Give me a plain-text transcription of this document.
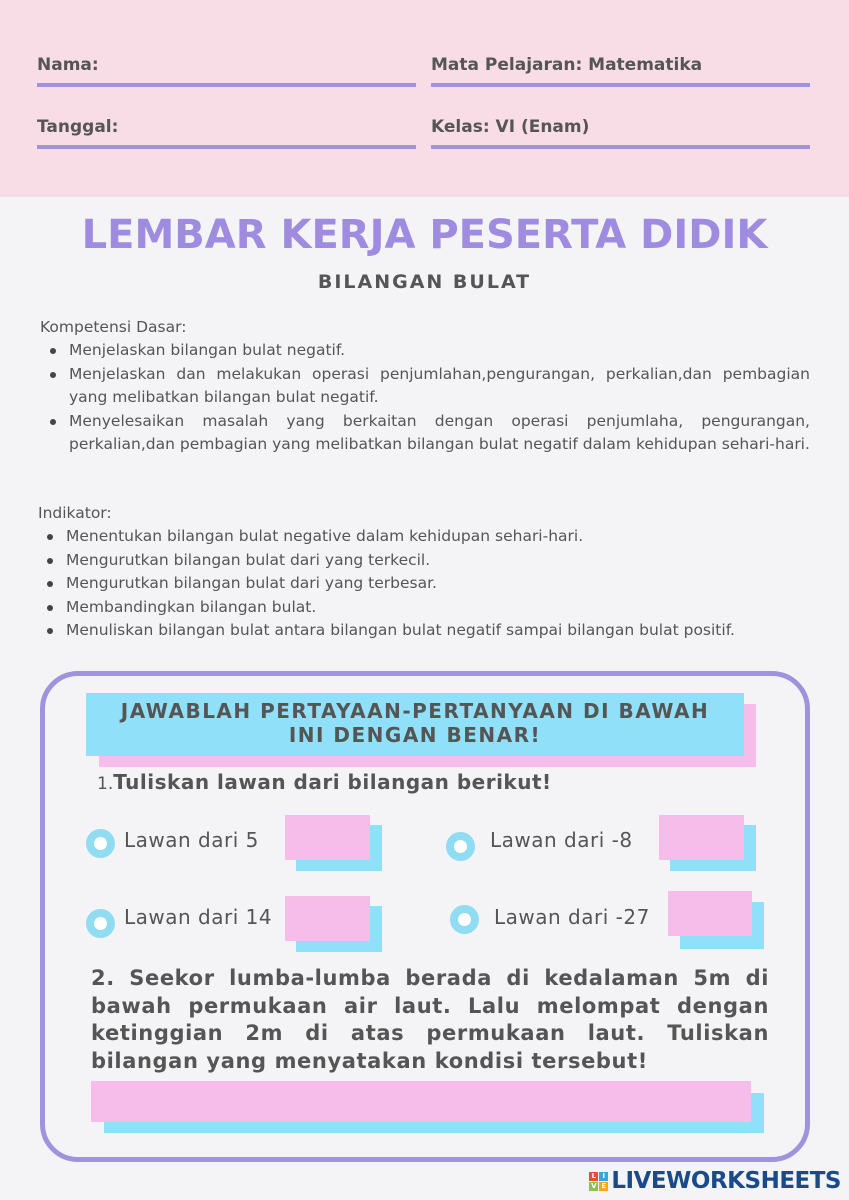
Nama:	Mata Pelajaran: Matematika
Tanggal:	Kelas: VI (Enam)
LEMBAR KERJA PESERTA DIDIK
BILANGAN BULAT
Kompetensi Dasar:
Menjelaskan bilangan bulat negatif.
Menjelaskan dan melakukan operasi penjumlahan,pengurangan, perkalian,dan pembagian yang melibatkan bilangan bulat negatif.
Menyelesaikan masalah yang berkaitan dengan operasi penjumlaha, pengurangan, perkalian,dan pembagian yang melibatkan bilangan bulat negatif dalam kehidupan sehari-hari.
Indikator:
Menentukan bilangan bulat negative dalam kehidupan sehari-hari.
Mengurutkan bilangan bulat dari yang terkecil.
Mengurutkan bilangan bulat dari yang terbesar.
Membandingkan bilangan bulat.
Menuliskan bilangan bulat antara bilangan bulat negatif sampai bilangan bulat positif.
JAWABLAH PERTAYAAN-PERTANYAAN DI BAWAH
INI DENGAN BENAR!
1.Tuliskan lawan dari bilangan berikut!
Lawan dari 5	Lawan dari -8
Lawan dari 14	Lawan dari -27
2. Seekor lumba-lumba berada di kedalaman 5m di bawah permukaan air laut. Lalu melompat dengan ketinggian 2m di atas permukaan laut. Tuliskan bilangan yang menyatakan kondisi tersebut!
L I
V E LIVEWORKSHEETS
